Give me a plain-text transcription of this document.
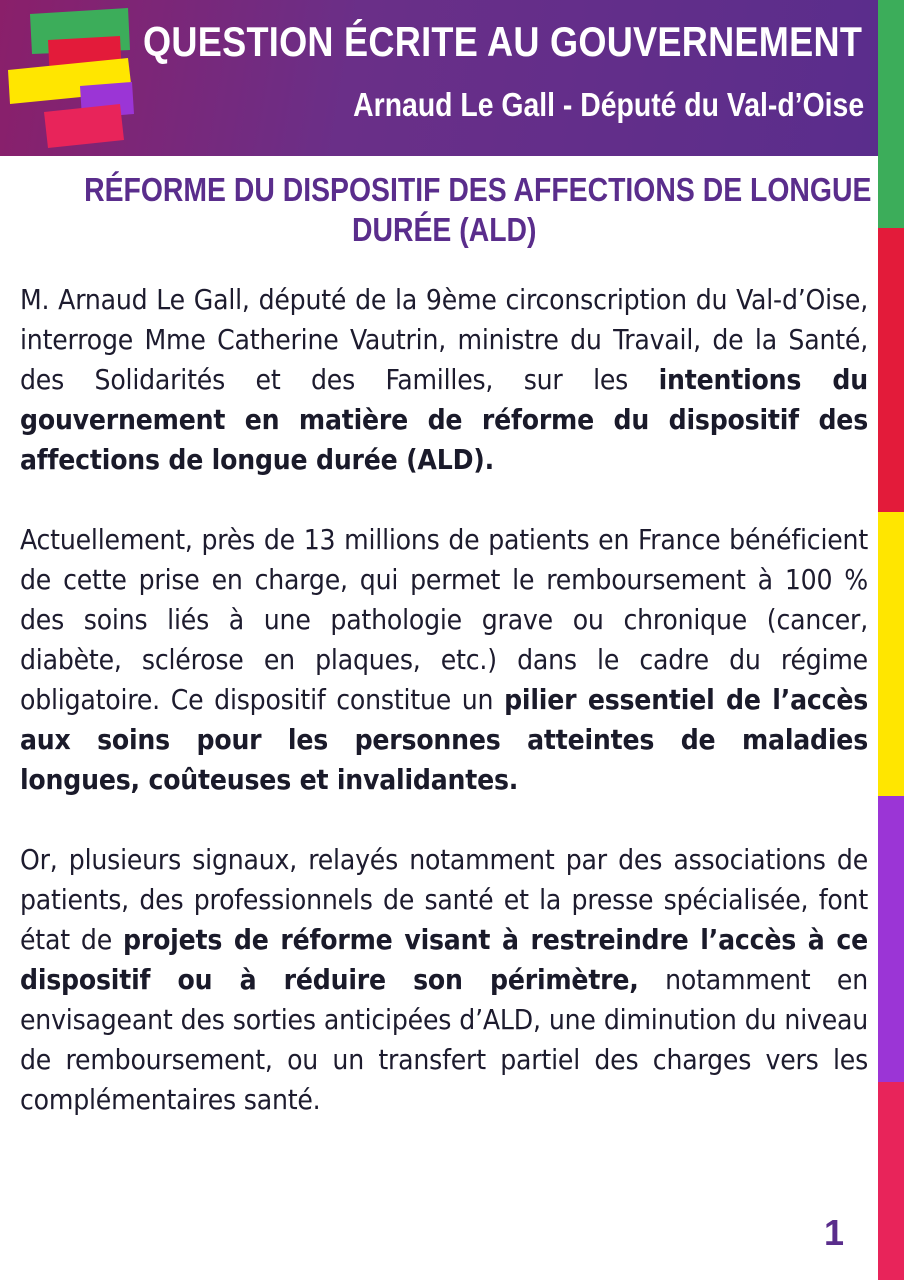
QUESTION ÉCRITE AU GOUVERNEMENT
Arnaud Le Gall - Député du Val-d’Oise
RÉFORME DU DISPOSITIF DES AFFECTIONS DE LONGUE
DURÉE (ALD)

M. Arnaud Le Gall, député de la 9ème circonscription du Val-d’Oise, interroge Mme Catherine Vautrin, ministre du Travail, de la Santé, des Solidarités et des Familles, sur les intentions du gouvernement en matière de réforme du dispositif des affections de longue durée (ALD).

Actuellement, près de 13 millions de patients en France bénéficient de cette prise en charge, qui permet le remboursement à 100 % des soins liés à une pathologie grave ou chronique (cancer, diabète, sclérose en plaques, etc.) dans le cadre du régime obligatoire. Ce dispositif constitue un pilier essentiel de l’accès aux soins pour les personnes atteintes de maladies longues, coûteuses et invalidantes.

Or, plusieurs signaux, relayés notamment par des associations de patients, des professionnels de santé et la presse spécialisée, font état de projets de réforme visant à restreindre l’accès à ce dispositif ou à réduire son périmètre, notamment en envisageant des sorties anticipées d’ALD, une diminution du niveau de remboursement, ou un transfert partiel des charges vers les complémentaires santé.

1
